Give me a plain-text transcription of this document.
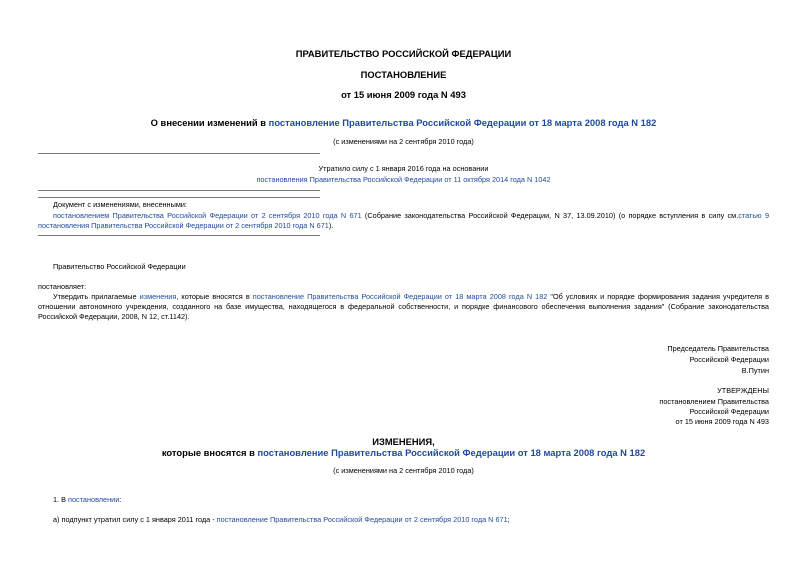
ПРАВИТЕЛЬСТВО РОССИЙСКОЙ ФЕДЕРАЦИИ
ПОСТАНОВЛЕНИЕ
от 15 июня 2009 года N 493
О внесении изменений в постановление Правительства Российской Федерации от 18 марта 2008 года N 182
(с изменениями на 2 сентября 2010 года)
Утратило силу с 1 января 2016 года на основании
постановления Правительства Российской Федерации от 11 октября 2014 года N 1042
Документ с изменениями, внесенными:
постановлением Правительства Российской Федерации от 2 сентября 2010 года N 671 (Собрание законодательства Российской Федерации, N 37, 13.09.2010) (о порядке вступления в силу см.статью 9 постановления Правительства Российской Федерации от 2 сентября 2010 года N 671).
Правительство Российской Федерации
постановляет:
Утвердить прилагаемые изменения, которые вносятся в постановление Правительства Российской Федерации от 18 марта 2008 года N 182 "Об условиях и порядке формирования задания учредителя в отношении автономного учреждения, созданного на базе имущества, находящегося в федеральной собственности, и порядке финансового обеспечения выполнения задания" (Собрание законодательства Российской Федерации, 2008, N 12, ст.1142).
Председатель Правительства
Российской Федерации
В.Путин
УТВЕРЖДЕНЫ
постановлением Правительства
Российской Федерации
от 15 июня 2009 года N 493
ИЗМЕНЕНИЯ,
которые вносятся в постановление Правительства Российской Федерации от 18 марта 2008 года N 182
(с изменениями на 2 сентября 2010 года)
1. В постановлении:
а) подпункт утратил силу с 1 января 2011 года - постановление Правительства Российской Федерации от 2 сентября 2010 года N 671;
